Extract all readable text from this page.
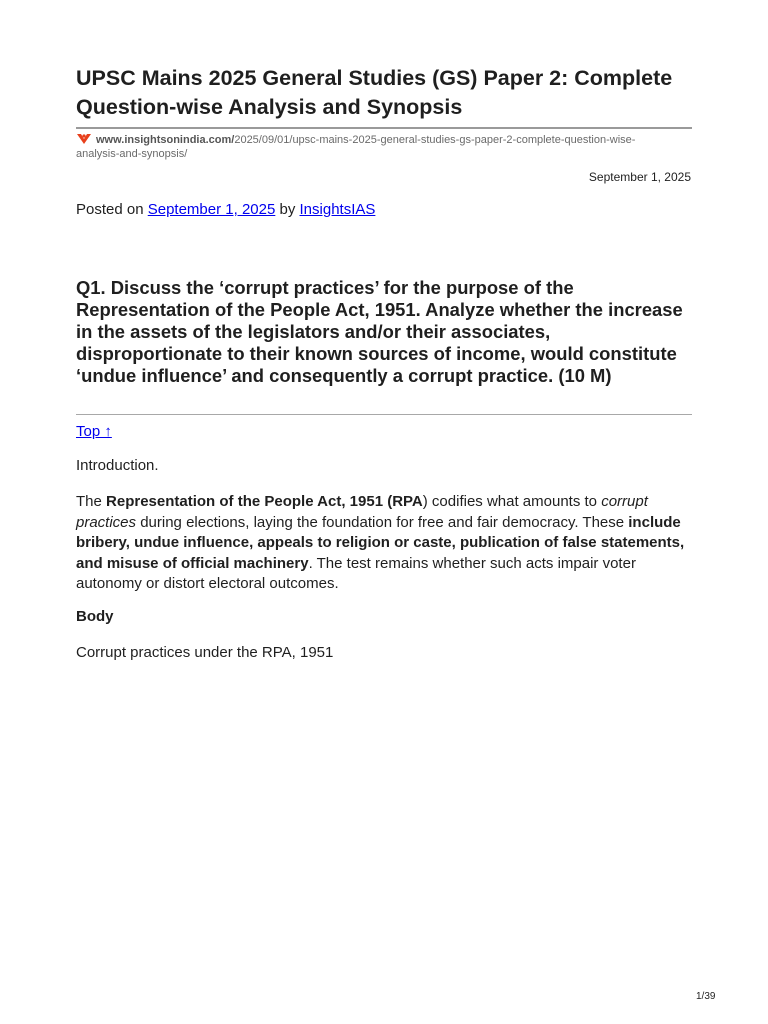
UPSC Mains 2025 General Studies (GS) Paper 2: Complete Question-wise Analysis and Synopsis
www.insightsonindia.com/2025/09/01/upsc-mains-2025-general-studies-gs-paper-2-complete-question-wise-analysis-and-synopsis/
September 1, 2025
Posted on September 1, 2025 by InsightsIAS
Q1. Discuss the ‘corrupt practices’ for the purpose of the Representation of the People Act, 1951. Analyze whether the increase in the assets of the legislators and/or their associates, disproportionate to their known sources of income, would constitute ‘undue influence’ and consequently a corrupt practice. (10 M)
Top ↑
Introduction.

The Representation of the People Act, 1951 (RPA) codifies what amounts to corrupt practices during elections, laying the foundation for free and fair democracy. These include bribery, undue influence, appeals to religion or caste, publication of false statements, and misuse of official machinery. The test remains whether such acts impair voter autonomy or distort electoral outcomes.

Body
Corrupt practices under the RPA, 1951
1/39
